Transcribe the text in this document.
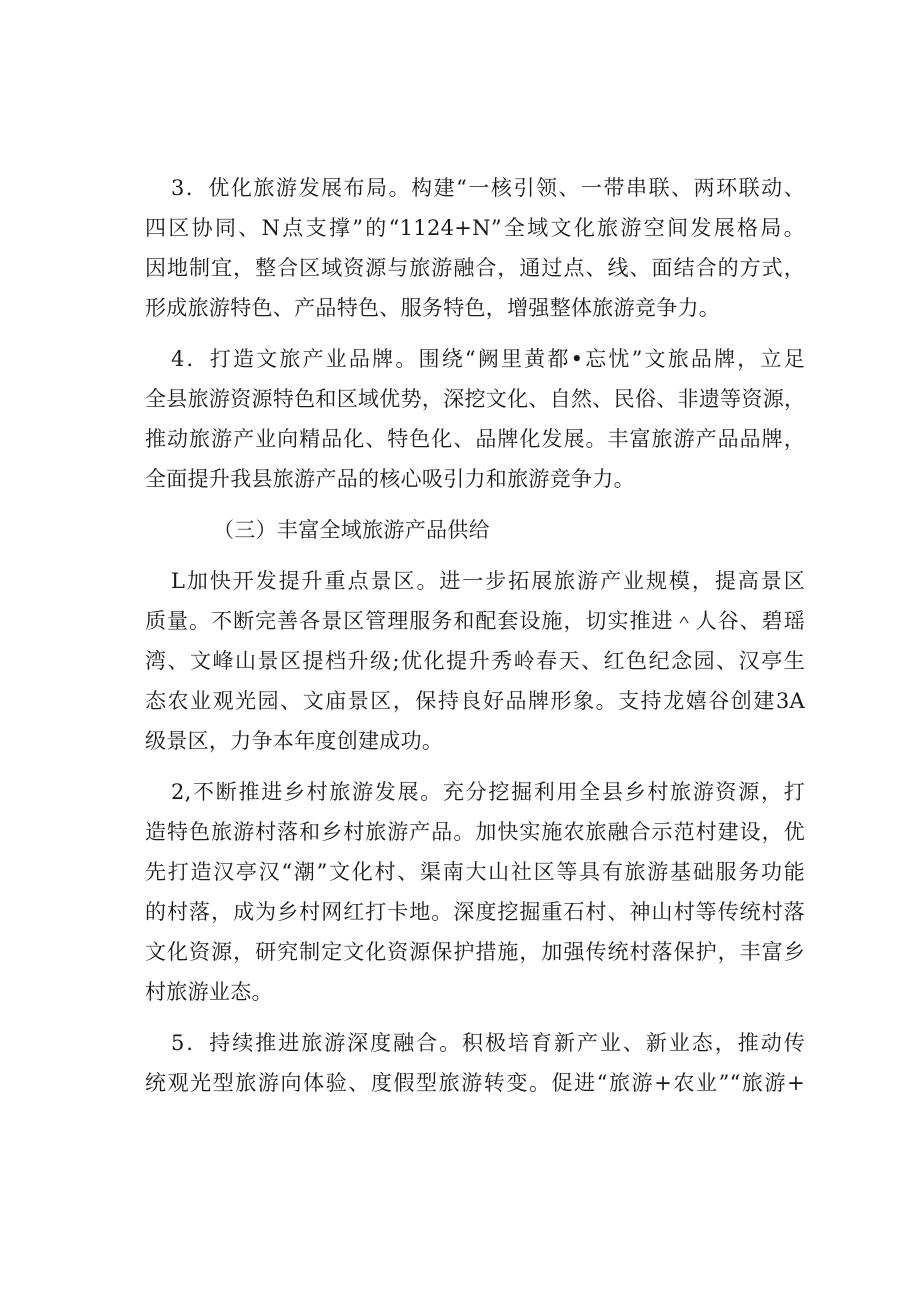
3．优化旅游发展布局。构建“一核引领、一带串联、两环联动、
四区协同、N点支撑”的“1124+N”全域文化旅游空间发展格局。
因地制宜，整合区域资源与旅游融合，通过点、线、面结合的方式，
形成旅游特色、产品特色、服务特色，增强整体旅游竞争力。

4．打造文旅产业品牌。围绕“阙里黄都•忘忧”文旅品牌，立足
全县旅游资源特色和区域优势，深挖文化、自然、民俗、非遗等资源，
推动旅游产业向精品化、特色化、品牌化发展。丰富旅游产品品牌，
全面提升我县旅游产品的核心吸引力和旅游竞争力。

（三）丰富全域旅游产品供给

L加快开发提升重点景区。进一步拓展旅游产业规模，提高景区
质量。不断完善各景区管理服务和配套设施，切实推进＾人谷、碧瑶
湾、文峰山景区提档升级;优化提升秀岭春天、红色纪念园、汉亭生
态农业观光园、文庙景区，保持良好品牌形象。支持龙嬉谷创建3A
级景区，力争本年度创建成功。

2,不断推进乡村旅游发展。充分挖掘利用全县乡村旅游资源，打
造特色旅游村落和乡村旅游产品。加快实施农旅融合示范村建设，优
先打造汉亭汉“潮”文化村、渠南大山社区等具有旅游基础服务功能
的村落，成为乡村网红打卡地。深度挖掘重石村、神山村等传统村落
文化资源，研究制定文化资源保护措施，加强传统村落保护，丰富乡
村旅游业态。

5．持续推进旅游深度融合。积极培育新产业、新业态，推动传
统观光型旅游向体验、度假型旅游转变。促进“旅游+农业”“旅游+
